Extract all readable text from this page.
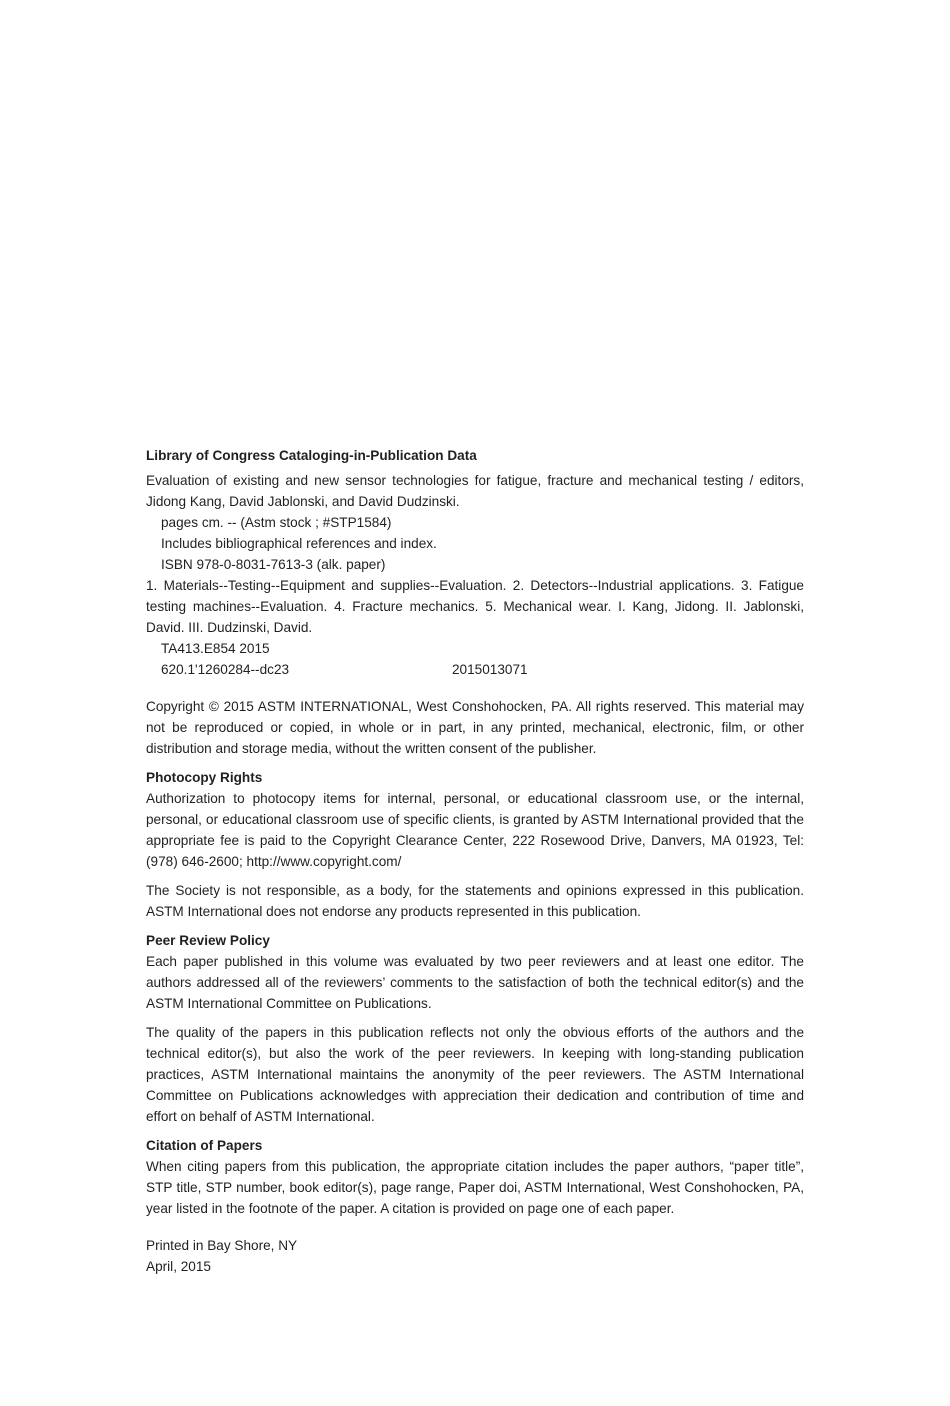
Library of Congress Cataloging-in-Publication Data

Evaluation of existing and new sensor technologies for fatigue, fracture and mechanical testing / editors, Jidong Kang, David Jablonski, and David Dudzinski.

pages cm. -- (Astm stock ; #STP1584)

Includes bibliographical references and index.

ISBN 978-0-8031-7613-3 (alk. paper)

1. Materials--Testing--Equipment and supplies--Evaluation. 2. Detectors--Industrial applications. 3. Fatigue testing machines--Evaluation. 4. Fracture mechanics. 5. Mechanical wear. I. Kang, Jidong. II. Jablonski, David. III. Dudzinski, David.

TA413.E854 2015

620.1'1260284--dc23	2015013071

Copyright © 2015 ASTM INTERNATIONAL, West Conshohocken, PA. All rights reserved. This material may not be reproduced or copied, in whole or in part, in any printed, mechanical, electronic, film, or other distribution and storage media, without the written consent of the publisher.

Photocopy Rights

Authorization to photocopy items for internal, personal, or educational classroom use, or the internal, personal, or educational classroom use of specific clients, is granted by ASTM International provided that the appropriate fee is paid to the Copyright Clearance Center, 222 Rosewood Drive, Danvers, MA 01923, Tel: (978) 646-2600; http://www.copyright.com/

The Society is not responsible, as a body, for the statements and opinions expressed in this publication. ASTM International does not endorse any products represented in this publication.

Peer Review Policy

Each paper published in this volume was evaluated by two peer reviewers and at least one editor. The authors addressed all of the reviewers’ comments to the satisfaction of both the technical editor(s) and the ASTM International Committee on Publications.

The quality of the papers in this publication reflects not only the obvious efforts of the authors and the technical editor(s), but also the work of the peer reviewers. In keeping with long-standing publication practices, ASTM International maintains the anonymity of the peer reviewers. The ASTM International Committee on Publications acknowledges with appreciation their dedication and contribution of time and effort on behalf of ASTM International.

Citation of Papers

When citing papers from this publication, the appropriate citation includes the paper authors, “paper title”, STP title, STP number, book editor(s), page range, Paper doi, ASTM International, West Conshohocken, PA, year listed in the footnote of the paper. A citation is provided on page one of each paper.

Printed in Bay Shore, NY

April, 2015
